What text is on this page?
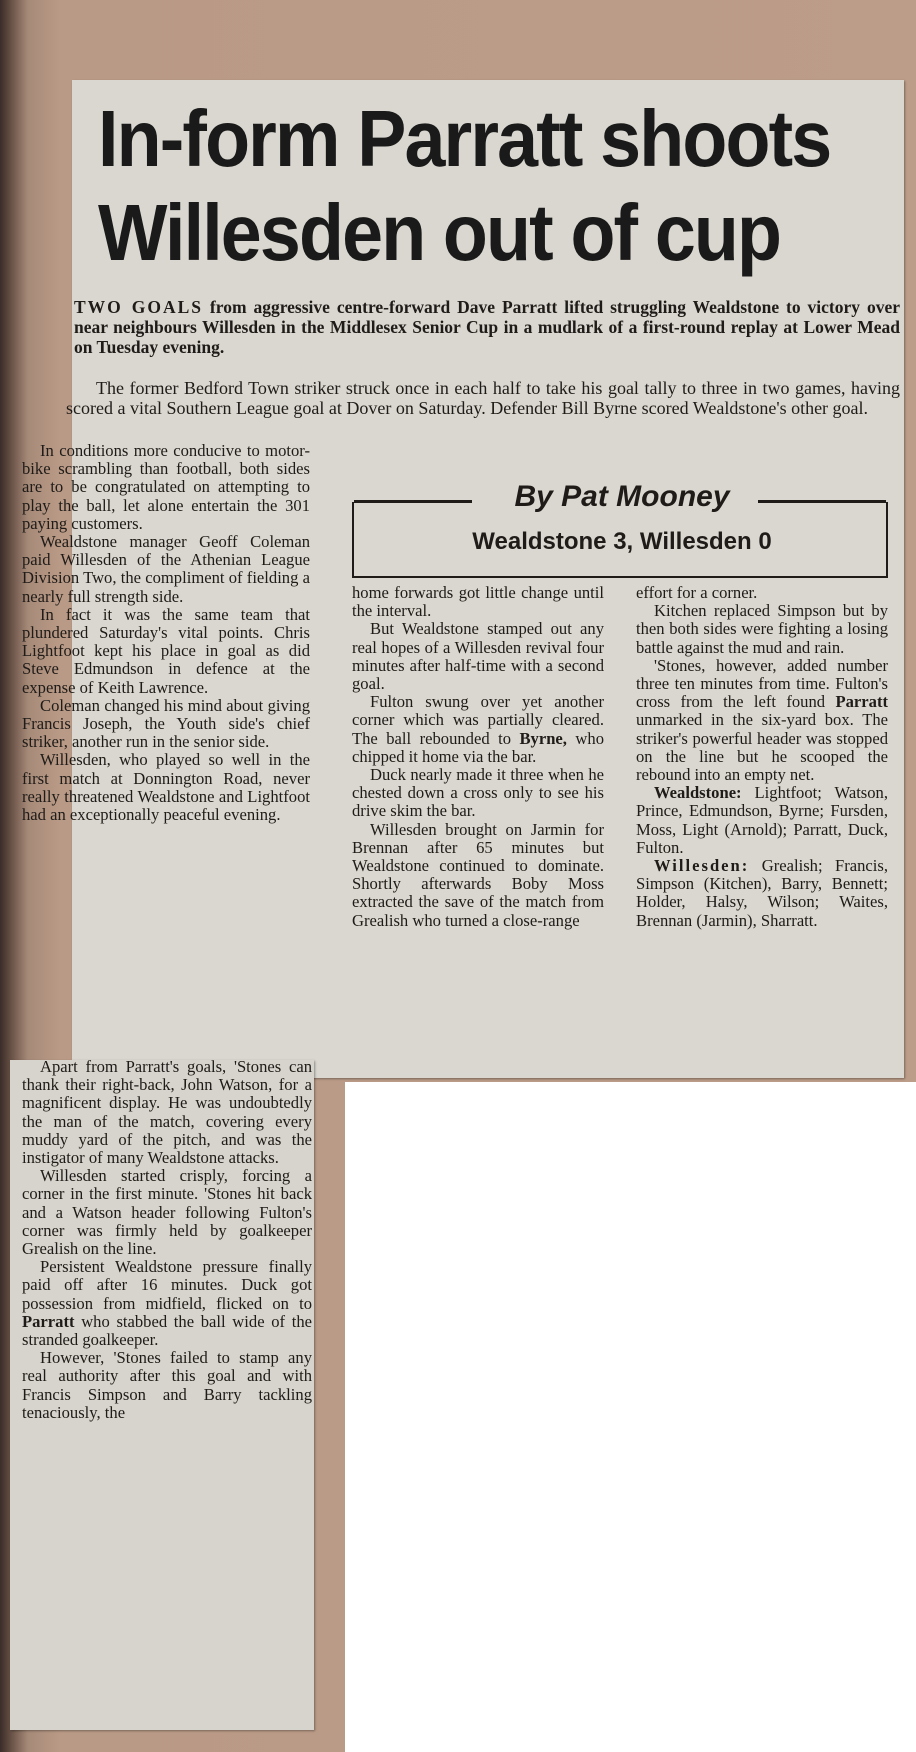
In-form Parratt shoots
Willesden out of cup

TWO GOALS from aggressive centre-forward Dave Parratt lifted struggling Wealdstone to victory over near neighbours Willesden in the Middlesex Senior Cup in a mudlark of a first-round replay at Lower Mead on Tuesday evening.

The former Bedford Town striker struck once in each half to take his goal tally to three in two games, having scored a vital Southern League goal at Dover on Saturday. Defender Bill Byrne scored Wealdstone's other goal.

By Pat Mooney
Wealdstone 3, Willesden 0

In conditions more conducive to motor-bike scrambling than football, both sides are to be congratulated on attempting to play the ball, let alone entertain the 301 paying customers.

Wealdstone manager Geoff Coleman paid Willesden of the Athenian League Division Two, the compliment of fielding a nearly full strength side.

In fact it was the same team that plundered Saturday's vital points. Chris Lightfoot kept his place in goal as did Steve Edmundson in defence at the expense of Keith Lawrence.

Coleman changed his mind about giving Francis Joseph, the Youth side's chief striker, another run in the senior side.

Willesden, who played so well in the first match at Donnington Road, never really threatened Wealdstone and Lightfoot had an exceptionally peaceful evening.

Apart from Parratt's goals, 'Stones can thank their right-back, John Watson, for a magnificent display. He was undoubtedly the man of the match, covering every muddy yard of the pitch, and was the instigator of many Wealdstone attacks.

Willesden started crisply, forcing a corner in the first minute. 'Stones hit back and a Watson header following Fulton's corner was firmly held by goalkeeper Grealish on the line.

Persistent Wealdstone pressure finally paid off after 16 minutes. Duck got possession from midfield, flicked on to Parratt who stabbed the ball wide of the stranded goalkeeper.

However, 'Stones failed to stamp any real authority after this goal and with Francis Simpson and Barry tackling tenaciously, the

home forwards got little change until the interval.

But Wealdstone stamped out any real hopes of a Willesden revival four minutes after half-time with a second goal.

Fulton swung over yet another corner which was partially cleared. The ball rebounded to Byrne, who chipped it home via the bar.

Duck nearly made it three when he chested down a cross only to see his drive skim the bar.

Willesden brought on Jarmin for Brennan after 65 minutes but Wealdstone continued to dominate. Shortly afterwards Boby Moss extracted the save of the match from Grealish who turned a close-range

effort for a corner.

Kitchen replaced Simpson but by then both sides were fighting a losing battle against the mud and rain.

'Stones, however, added number three ten minutes from time. Fulton's cross from the left found Parratt unmarked in the six-yard box. The striker's powerful header was stopped on the line but he scooped the rebound into an empty net.

Wealdstone: Lightfoot; Watson, Prince, Edmundson, Byrne; Fursden, Moss, Light (Arnold); Parratt, Duck, Fulton.

Willesden: Grealish; Francis, Simpson (Kitchen), Barry, Bennett; Holder, Halsy, Wilson; Waites, Brennan (Jarmin), Sharratt.
